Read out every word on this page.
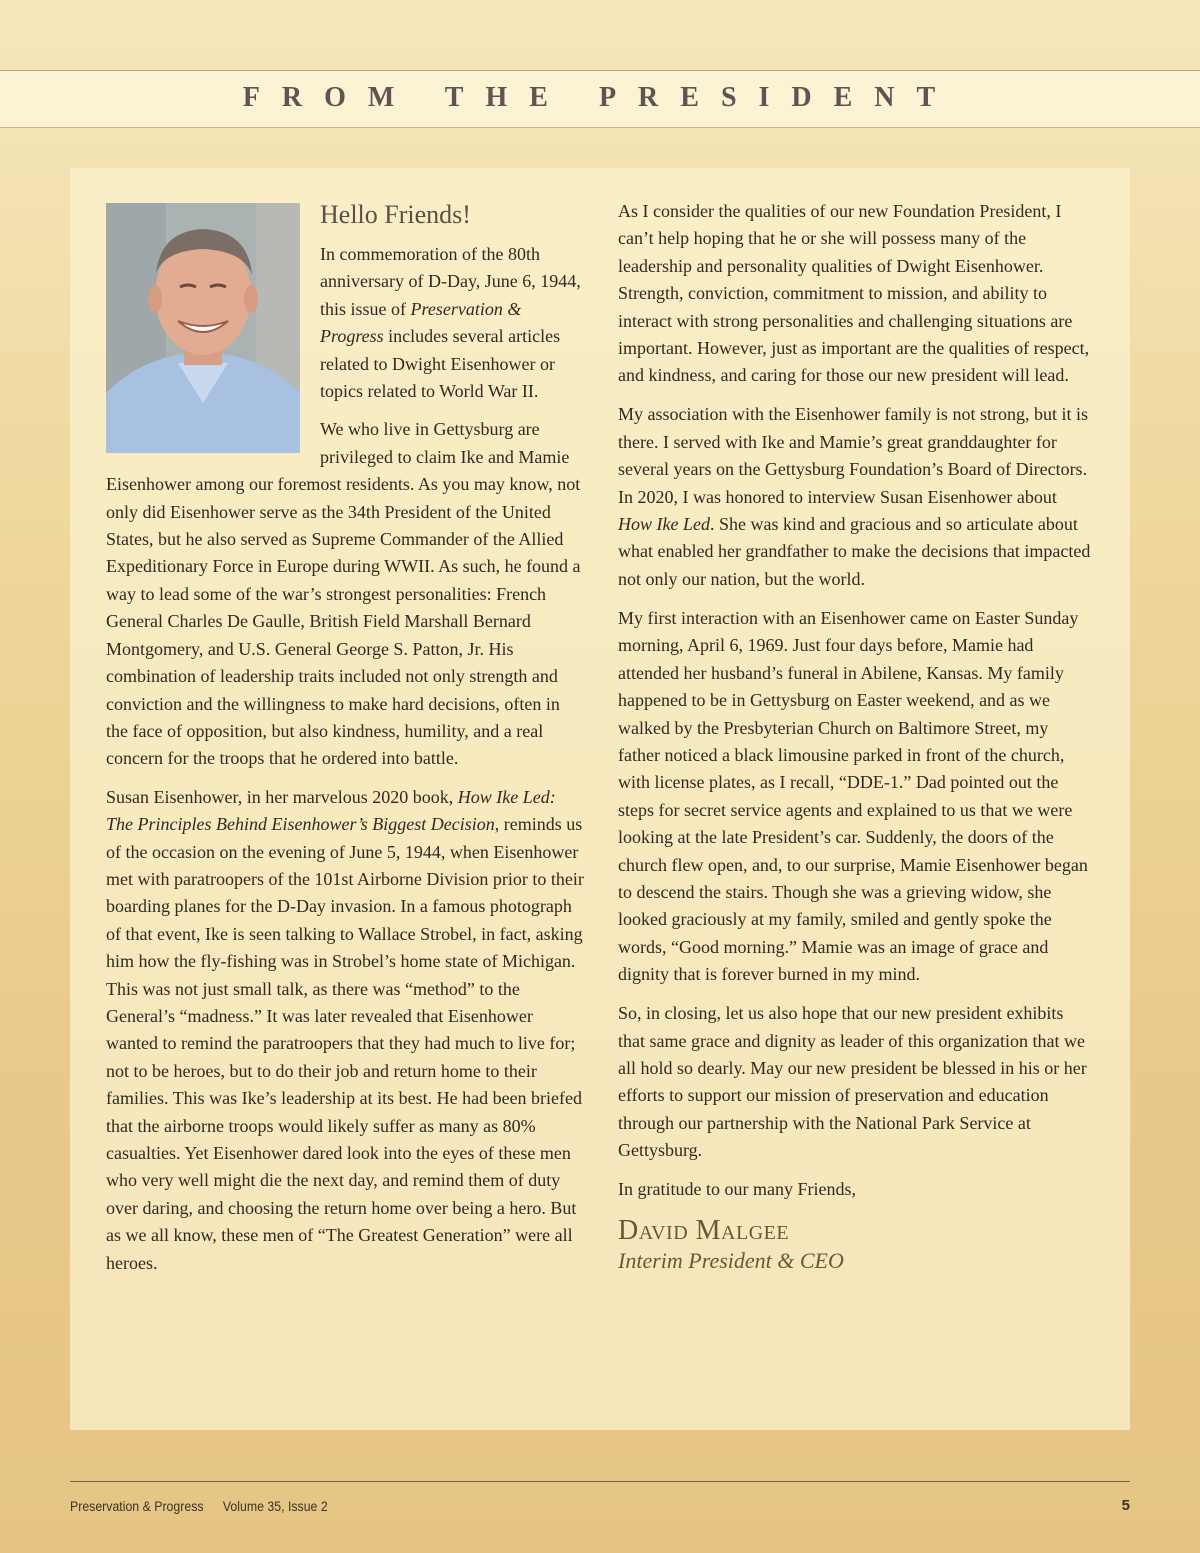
FROM THE PRESIDENT
Hello Friends!

In commemoration of the 80th anniversary of D-Day, June 6, 1944, this issue of Preservation & Progress includes several articles related to Dwight Eisenhower or topics related to World War II.

We who live in Gettysburg are privileged to claim Ike and Mamie Eisenhower among our foremost residents. As you may know, not only did Eisenhower serve as the 34th President of the United States, but he also served as Supreme Commander of the Allied Expeditionary Force in Europe during WWII. As such, he found a way to lead some of the war’s strongest personalities: French General Charles De Gaulle, British Field Marshall Bernard Montgomery, and U.S. General George S. Patton, Jr. His combination of leadership traits included not only strength and conviction and the willingness to make hard decisions, often in the face of opposition, but also kindness, humility, and a real concern for the troops that he ordered into battle.

Susan Eisenhower, in her marvelous 2020 book, How Ike Led: The Principles Behind Eisenhower’s Biggest Decision, reminds us of the occasion on the evening of June 5, 1944, when Eisenhower met with paratroopers of the 101st Airborne Division prior to their boarding planes for the D-Day invasion. In a famous photograph of that event, Ike is seen talking to Wallace Strobel, in fact, asking him how the fly-fishing was in Strobel’s home state of Michigan. This was not just small talk, as there was “method” to the General’s “madness.” It was later revealed that Eisenhower wanted to remind the paratroopers that they had much to live for; not to be heroes, but to do their job and return home to their families. This was Ike’s leadership at its best. He had been briefed that the airborne troops would likely suffer as many as 80% casualties. Yet Eisenhower dared look into the eyes of these men who very well might die the next day, and remind them of duty over daring, and choosing the return home over being a hero. But as we all know, these men of “The Greatest Generation” were all heroes.

As I consider the qualities of our new Foundation President, I can’t help hoping that he or she will possess many of the leadership and personality qualities of Dwight Eisenhower. Strength, conviction, commitment to mission, and ability to interact with strong personalities and challenging situations are important. However, just as important are the qualities of respect, and kindness, and caring for those our new president will lead.

My association with the Eisenhower family is not strong, but it is there. I served with Ike and Mamie’s great granddaughter for several years on the Gettysburg Foundation’s Board of Directors. In 2020, I was honored to interview Susan Eisenhower about How Ike Led. She was kind and gracious and so articulate about what enabled her grandfather to make the decisions that impacted not only our nation, but the world.

My first interaction with an Eisenhower came on Easter Sunday morning, April 6, 1969. Just four days before, Mamie had attended her husband’s funeral in Abilene, Kansas. My family happened to be in Gettysburg on Easter weekend, and as we walked by the Presbyterian Church on Baltimore Street, my father noticed a black limousine parked in front of the church, with license plates, as I recall, “DDE-1.” Dad pointed out the steps for secret service agents and explained to us that we were looking at the late President’s car. Suddenly, the doors of the church flew open, and, to our surprise, Mamie Eisenhower began to descend the stairs. Though she was a grieving widow, she looked graciously at my family, smiled and gently spoke the words, “Good morning.” Mamie was an image of grace and dignity that is forever burned in my mind.

So, in closing, let us also hope that our new president exhibits that same grace and dignity as leader of this organization that we all hold so dearly. May our new president be blessed in his or her efforts to support our mission of preservation and education through our partnership with the National Park Service at Gettysburg.

In gratitude to our many Friends,

David Malgee
Interim President & CEO
Preservation & Progress Volume 35, Issue 2	5
